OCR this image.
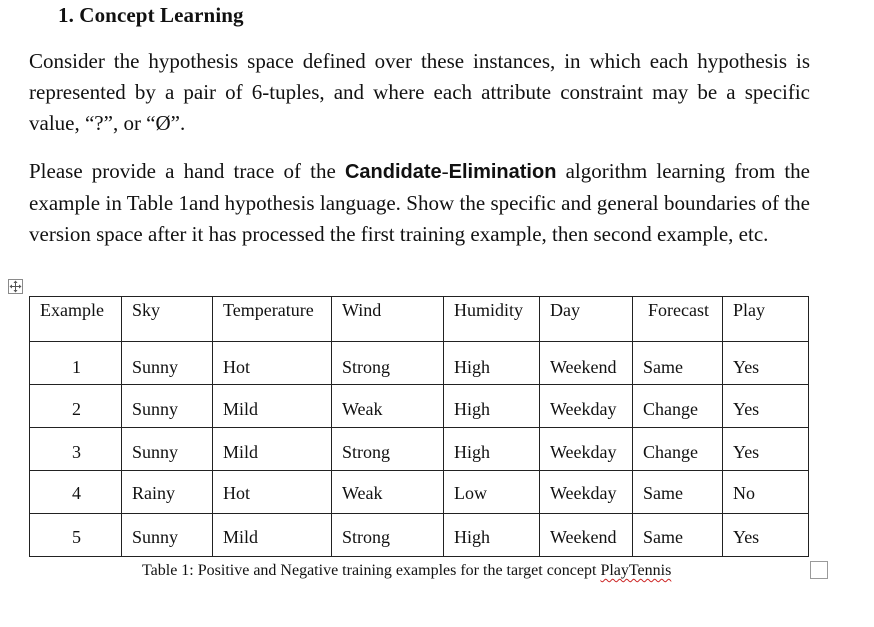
1. Concept Learning
Consider the hypothesis space defined over these instances, in which each hypothesis is represented by a pair of 6-tuples, and where each attribute constraint may be a specific value, “?”, or “Ø”.
Please provide a hand trace of the Candidate-Elimination algorithm learning from the example in Table 1and hypothesis language. Show the specific and general boundaries of the version space after it has processed the first training example, then second example, etc.
Example	Sky	Temperature	Wind	Humidity	Day	Forecast	Play
1	Sunny	Hot	Strong	High	Weekend	Same	Yes
2	Sunny	Mild	Weak	High	Weekday	Change	Yes
3	Sunny	Mild	Strong	High	Weekday	Change	Yes
4	Rainy	Hot	Weak	Low	Weekday	Same	No
5	Sunny	Mild	Strong	High	Weekend	Same	Yes
Table 1: Positive and Negative training examples for the target concept PlayTennis
